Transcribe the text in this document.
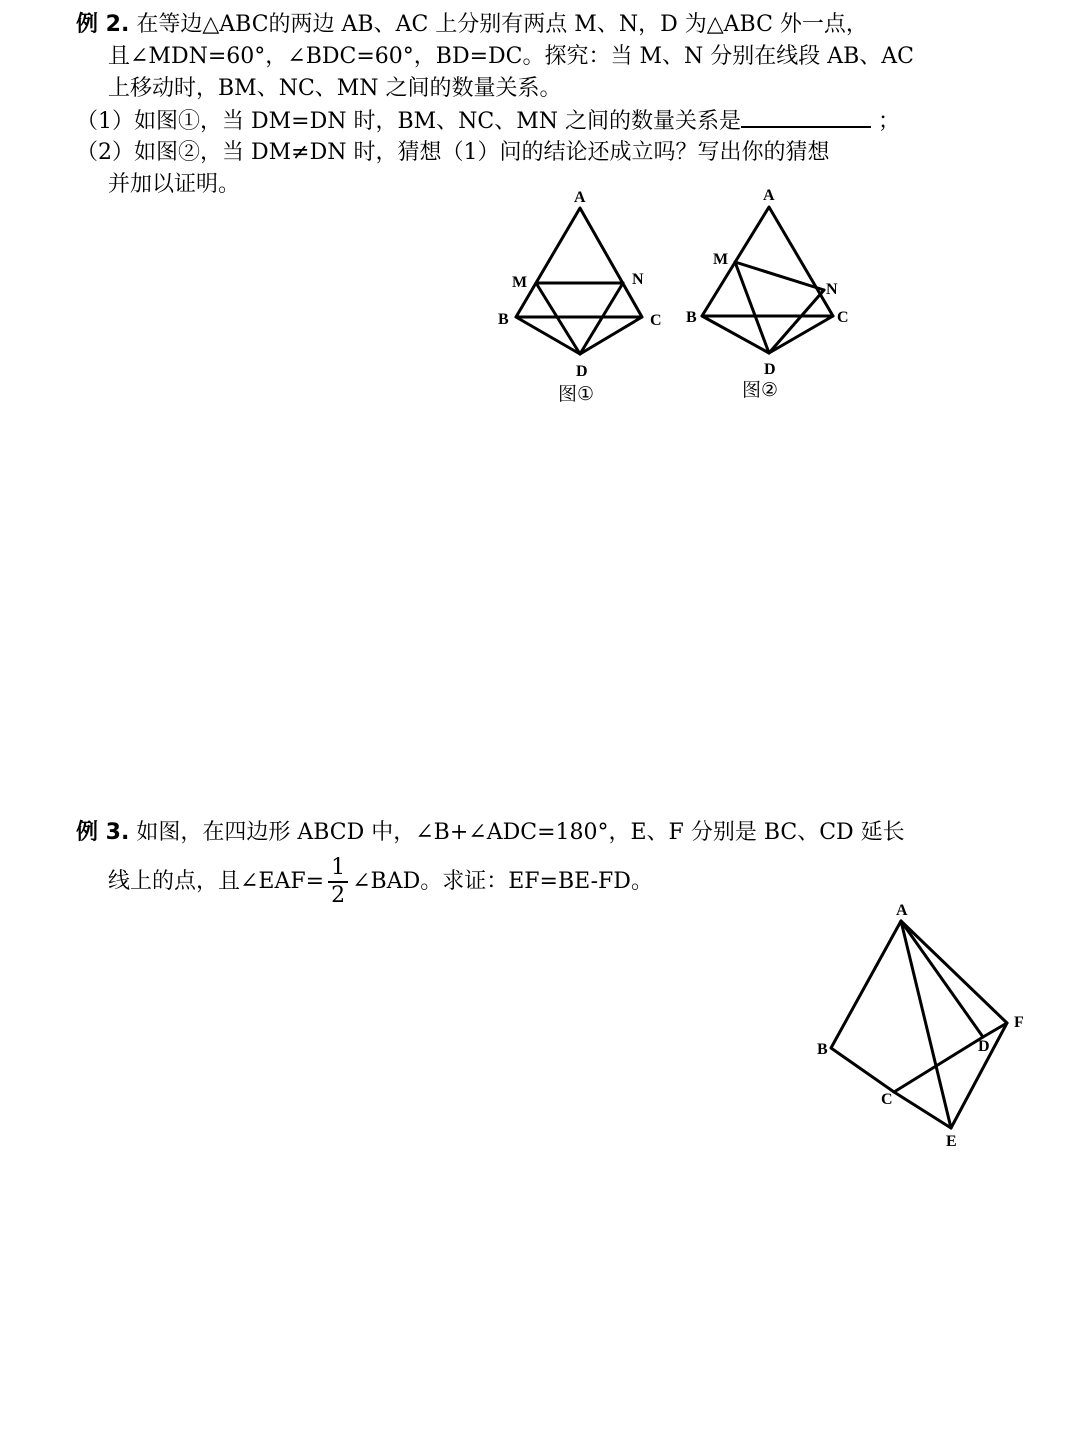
例 2. 在等边△ABC的两边 AB、AC 上分别有两点 M、N，D 为△ABC 外一点，
且∠MDN=60°，∠BDC=60°，BD=DC。探究：当 M、N 分别在线段 AB、AC
上移动时，BM、NC、MN 之间的数量关系。
（1）如图①，当 DM=DN 时，BM、NC、MN 之间的数量关系是	；
（2）如图②，当 DM≠DN 时，猜想（1）问的结论还成立吗？写出你的猜想
并加以证明。
A
M	N
B	C
D
图①
A
M
N
B	C
D
图②
例 3. 如图，在四边形 ABCD 中，∠B+∠ADC=180°，E、F 分别是 BC、CD 延长
线上的点，且∠EAF= $\frac{1}{2}$ ∠BAD。求证：EF=BE-FD。
A
B
C
D
E
F
